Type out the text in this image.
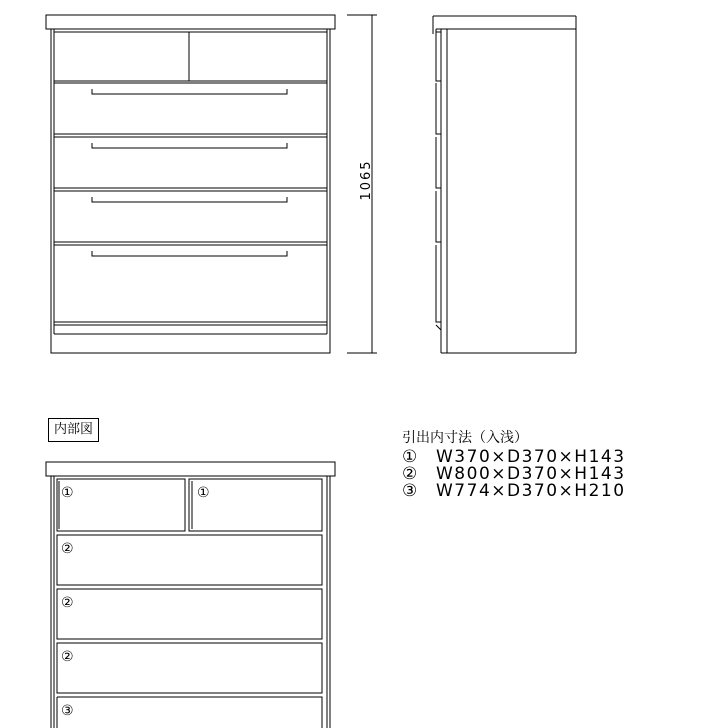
1065
①	①
②
②
②
③
内部図
引出内寸法（入浅）
① W370×D370×H143
② W800×D370×H143
③ W774×D370×H210
